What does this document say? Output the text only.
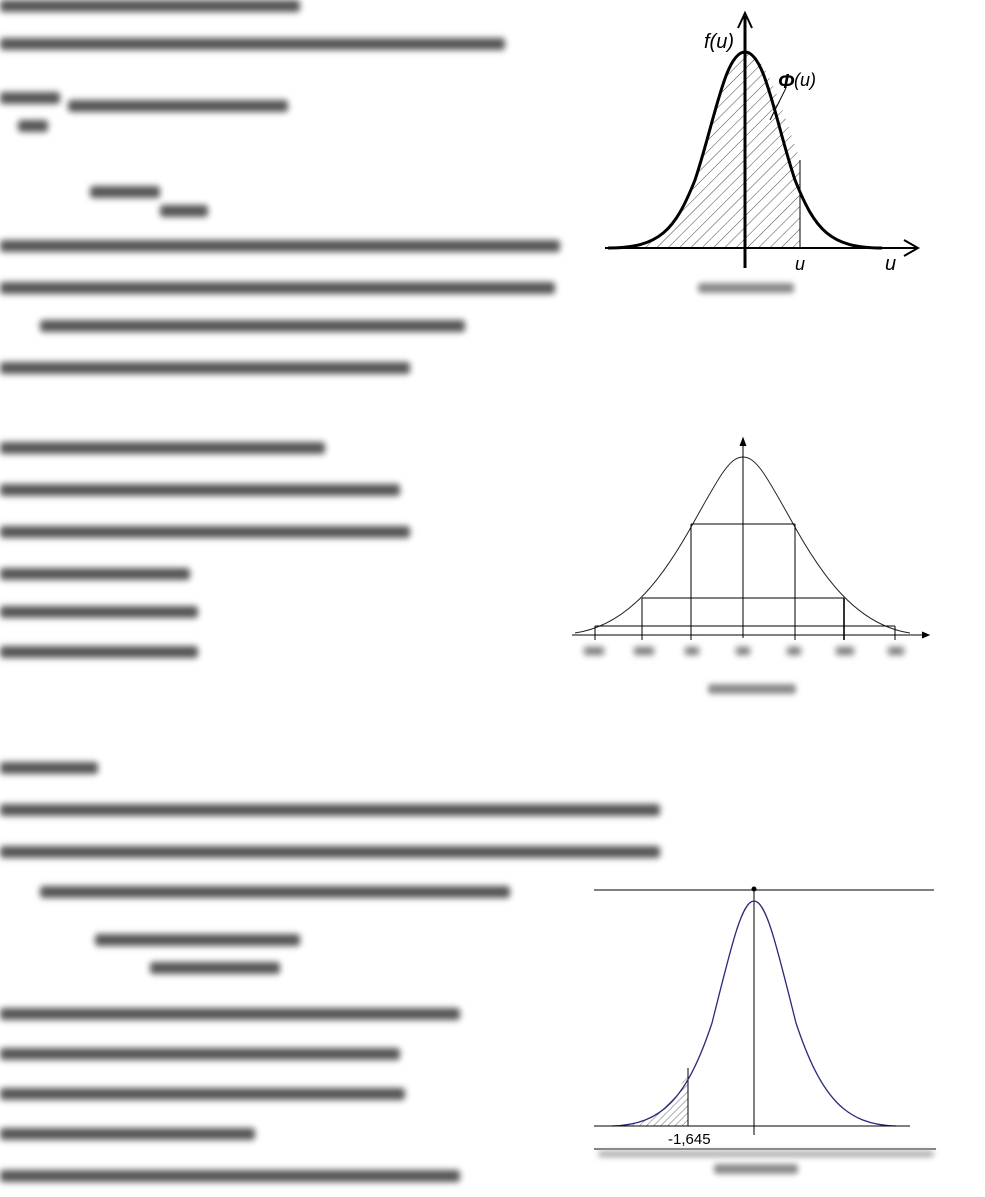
f(u)
Φ (u)
u	u
-1,645
